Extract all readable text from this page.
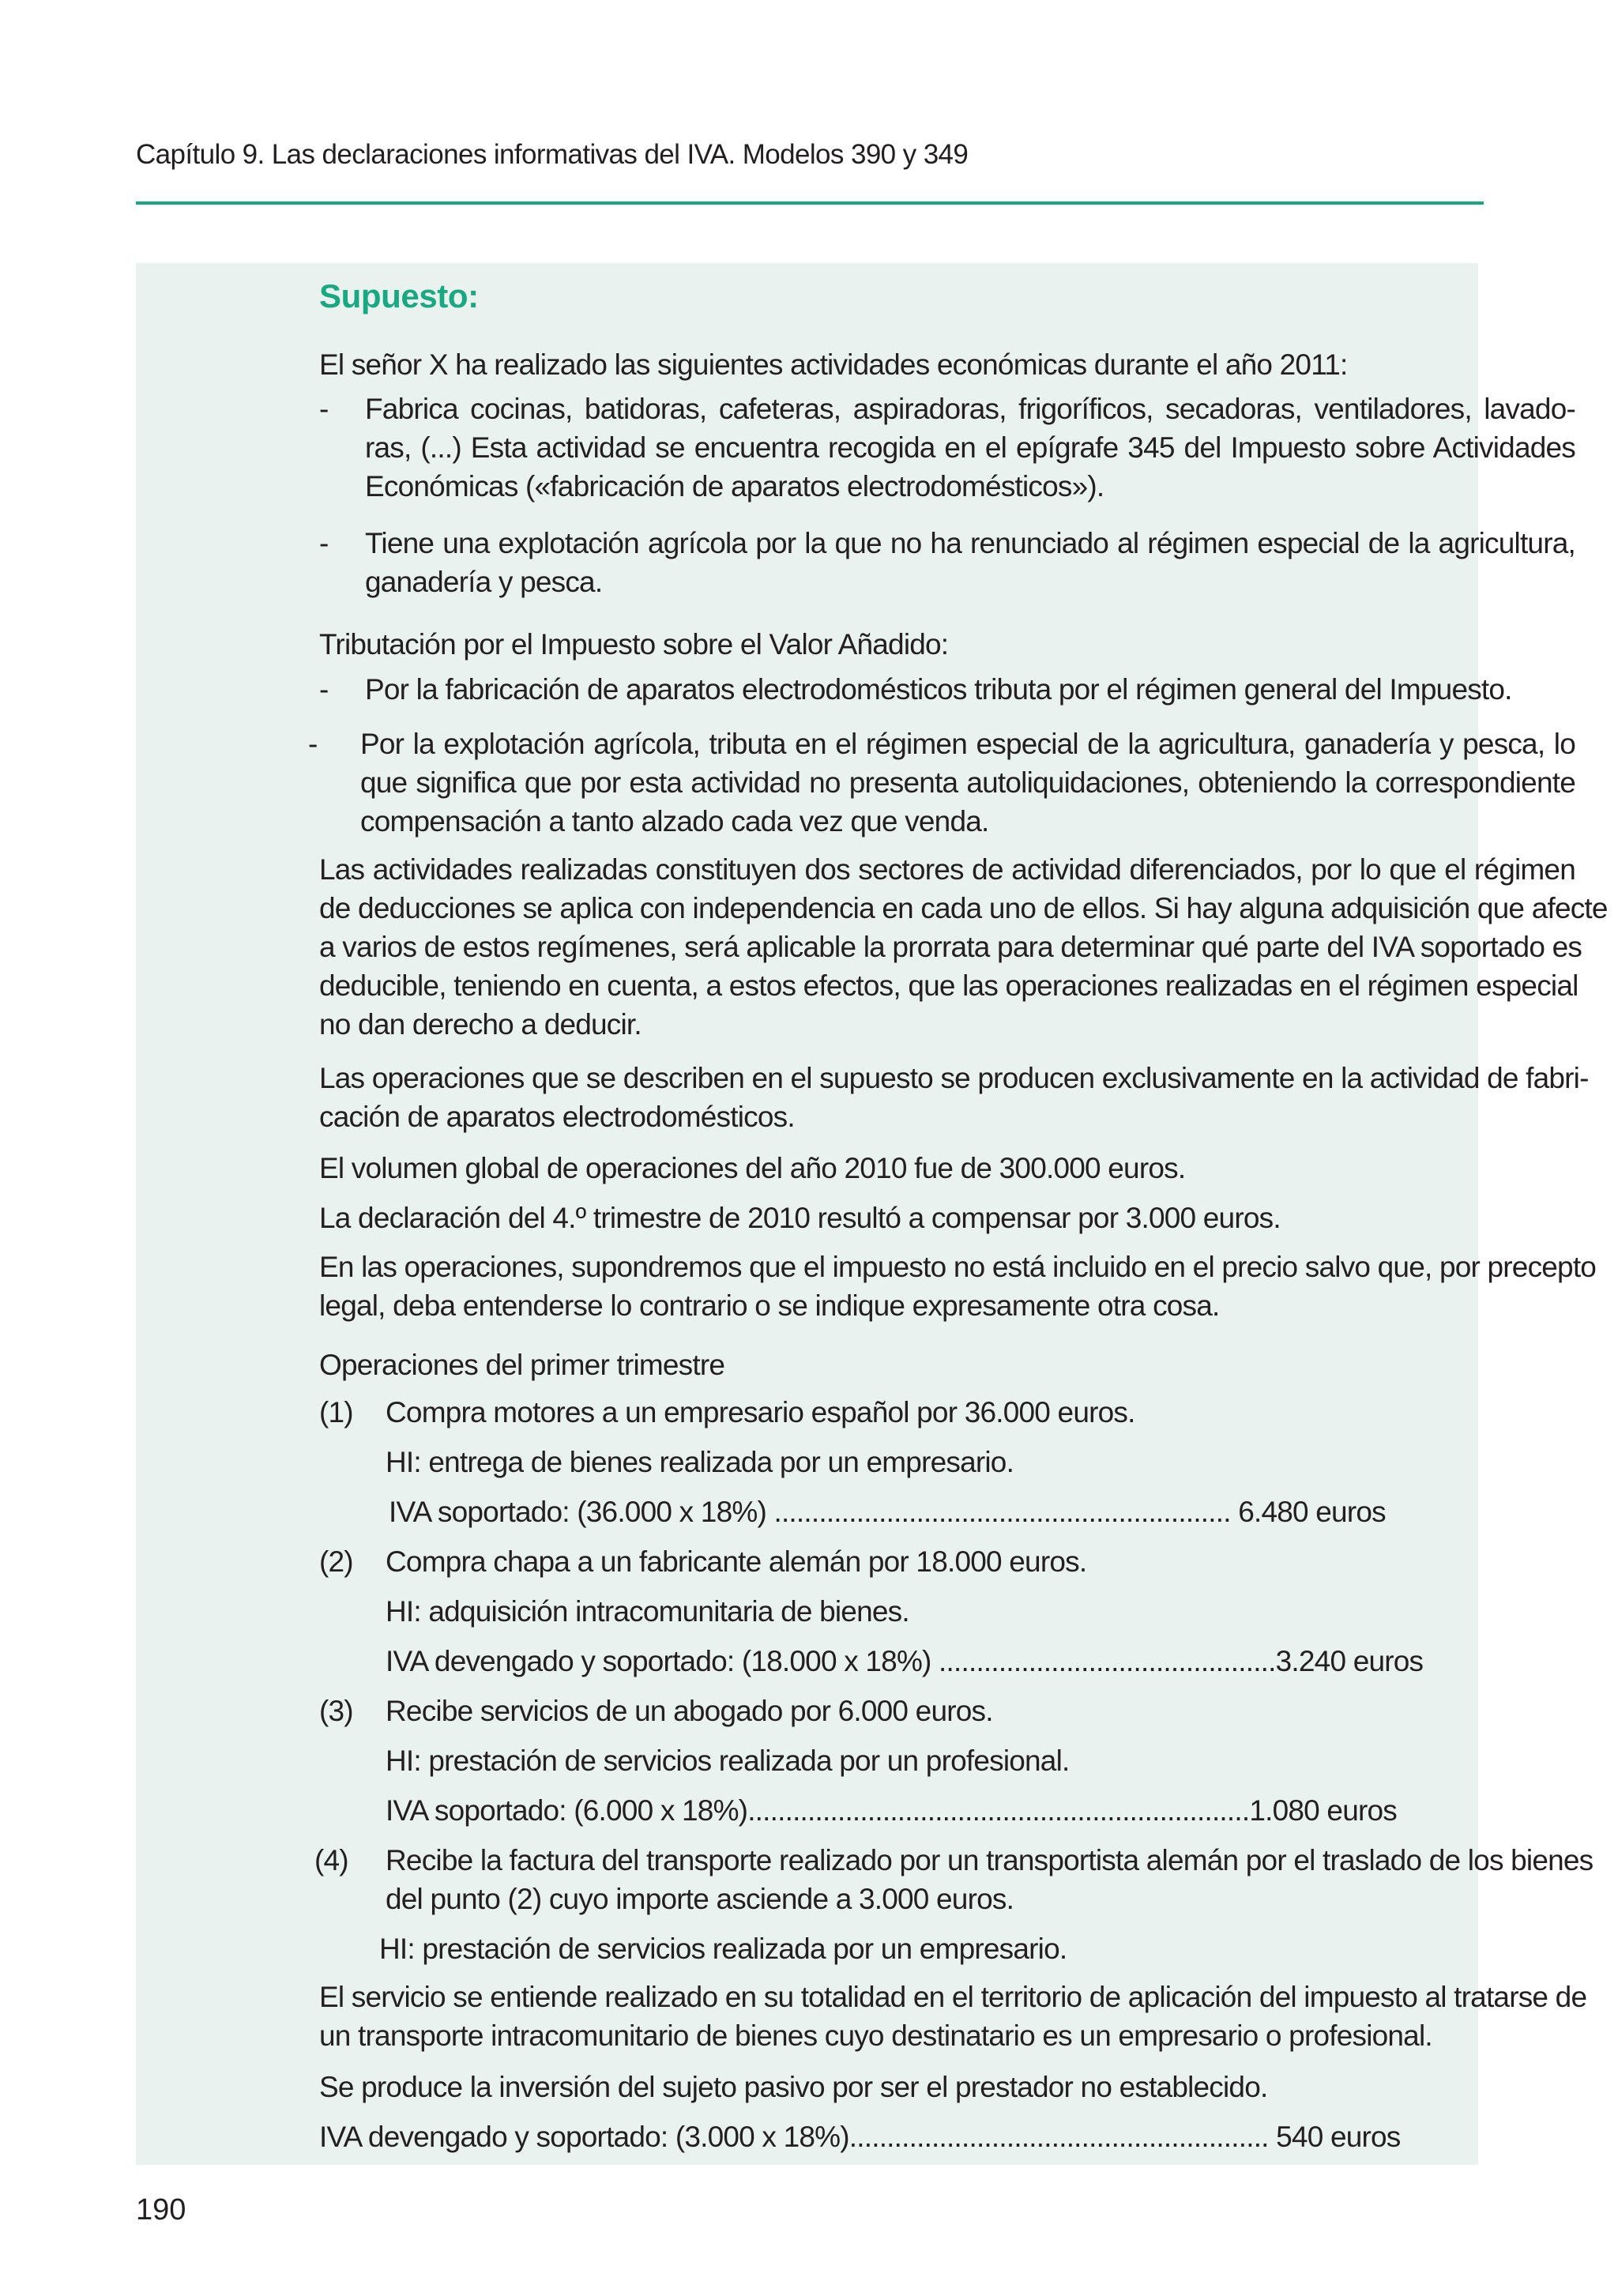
Capítulo 9. Las declaraciones informativas del IVA. Modelos 390 y 349
Supuesto:
El señor X ha realizado las siguientes actividades económicas durante el año 2011:
- Fabrica cocinas, batidoras, cafeteras, aspiradoras, frigoríficos, secadoras, ventiladores, lavado-
ras, (...) Esta actividad se encuentra recogida en el epígrafe 345 del Impuesto sobre Actividades
Económicas («fabricación de aparatos electrodomésticos»).
- Tiene una explotación agrícola por la que no ha renunciado al régimen especial de la agricultura,
ganadería y pesca.
Tributación por el Impuesto sobre el Valor Añadido:
- Por la fabricación de aparatos electrodomésticos tributa por el régimen general del Impuesto.
- Por la explotación agrícola, tributa en el régimen especial de la agricultura, ganadería y pesca, lo
que significa que por esta actividad no presenta autoliquidaciones, obteniendo la correspondiente
compensación a tanto alzado cada vez que venda.
Las actividades realizadas constituyen dos sectores de actividad diferenciados, por lo que el régimen
de deducciones se aplica con independencia en cada uno de ellos. Si hay alguna adquisición que afecte
a varios de estos regímenes, será aplicable la prorrata para determinar qué parte del IVA soportado es
deducible, teniendo en cuenta, a estos efectos, que las operaciones realizadas en el régimen especial
no dan derecho a deducir.
Las operaciones que se describen en el supuesto se producen exclusivamente en la actividad de fabri-
cación de aparatos electrodomésticos.
El volumen global de operaciones del año 2010 fue de 300.000 euros.
La declaración del 4.º trimestre de 2010 resultó a compensar por 3.000 euros.
En las operaciones, supondremos que el impuesto no está incluido en el precio salvo que, por precepto
legal, deba entenderse lo contrario o se indique expresamente otra cosa.
Operaciones del primer trimestre
(1) Compra motores a un empresario español por 36.000 euros.
HI: entrega de bienes realizada por un empresario.
IVA soportado: (36.000 x 18%) ............................................................. 6.480 euros
(2) Compra chapa a un fabricante alemán por 18.000 euros.
HI: adquisición intracomunitaria de bienes.
IVA devengado y soportado: (18.000 x 18%) .............................................3.240 euros
(3) Recibe servicios de un abogado por 6.000 euros.
HI: prestación de servicios realizada por un profesional.
IVA soportado: (6.000 x 18%)...................................................................1.080 euros
(4) Recibe la factura del transporte realizado por un transportista alemán por el traslado de los bienes
del punto (2) cuyo importe asciende a 3.000 euros.
HI: prestación de servicios realizada por un empresario.
El servicio se entiende realizado en su totalidad en el territorio de aplicación del impuesto al tratarse de
un transporte intracomunitario de bienes cuyo destinatario es un empresario o profesional.
Se produce la inversión del sujeto pasivo por ser el prestador no establecido.
IVA devengado y soportado: (3.000 x 18%)........................................................ 540 euros
190
